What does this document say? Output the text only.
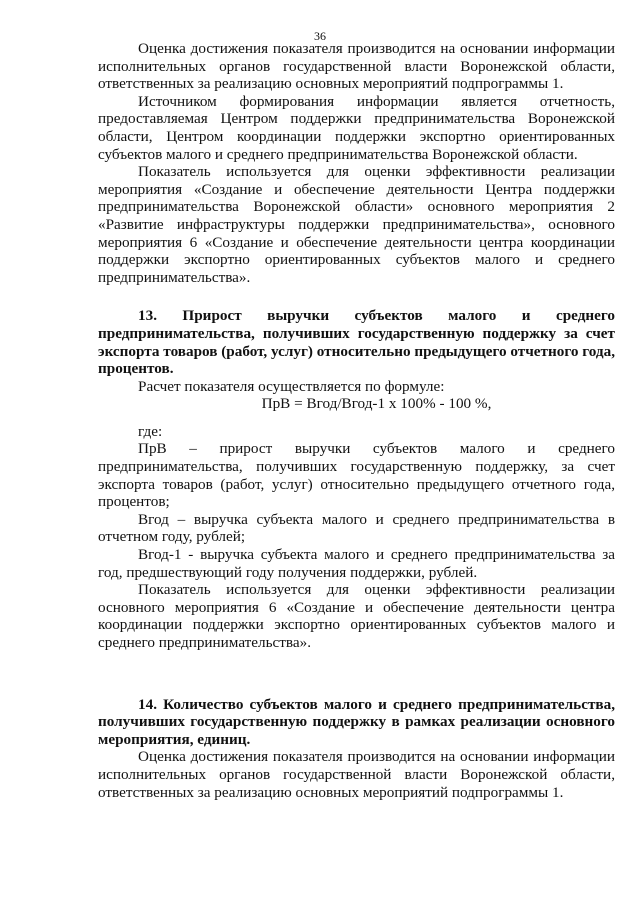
36

Оценка достижения показателя производится на основании информации исполнительных органов государственной власти Воронежской области, ответственных за реализацию основных мероприятий подпрограммы 1.

Источником формирования информации является отчетность, предоставляемая Центром поддержки предпринимательства Воронежской области, Центром координации поддержки экспортно ориентированных субъектов малого и среднего предпринимательства Воронежской области.

Показатель используется для оценки эффективности реализации мероприятия «Создание и обеспечение деятельности Центра поддержки предпринимательства Воронежской области» основного мероприятия 2 «Развитие инфраструктуры поддержки предпринимательства», основного мероприятия 6 «Создание и обеспечение деятельности центра координации поддержки экспортно ориентированных субъектов малого и среднего предпринимательства».

13. Прирост выручки субъектов малого и среднего предпринимательства, получивших государственную поддержку за счет экспорта товаров (работ, услуг) относительно предыдущего отчетного года, процентов.

Расчет показателя осуществляется по формуле:

ПрВ = Вгод/Вгод-1 х 100% - 100 %,

где:

ПрВ – прирост выручки субъектов малого и среднего предпринимательства, получивших государственную поддержку, за счет экспорта товаров (работ, услуг) относительно предыдущего отчетного года, процентов;

Вгод – выручка субъекта малого и среднего предпринимательства в отчетном году, рублей;

Вгод-1 - выручка субъекта малого и среднего предпринимательства за год, предшествующий году получения поддержки, рублей.

Показатель используется для оценки эффективности реализации основного мероприятия 6 «Создание и обеспечение деятельности центра координации поддержки экспортно ориентированных субъектов малого и среднего предпринимательства».

14. Количество субъектов малого и среднего предпринимательства, получивших государственную поддержку в рамках реализации основного мероприятия, единиц.

Оценка достижения показателя производится на основании информации исполнительных органов государственной власти Воронежской области, ответственных за реализацию основных мероприятий подпрограммы 1.
